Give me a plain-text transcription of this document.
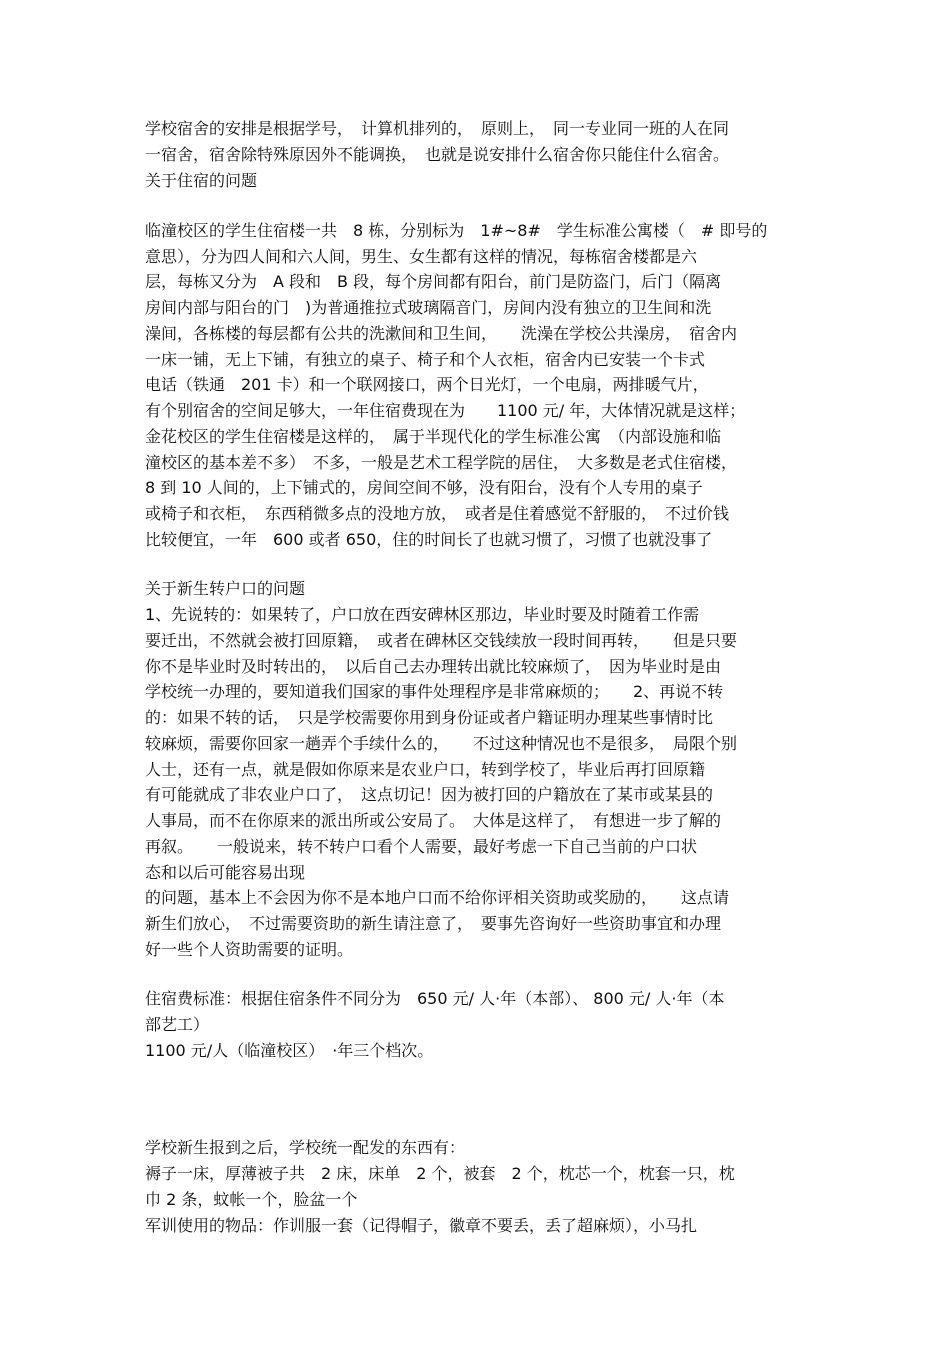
学校宿舍的安排是根据学号，　计算机排列的，　原则上，　同一专业同一班的人在同
一宿舍，宿舍除特殊原因外不能调换，　也就是说安排什么宿舍你只能住什么宿舍。
关于住宿的问题
临潼校区的学生住宿楼一共　8 栋，分别标为　1#~8#　学生标准公寓楼（　# 即号的
意思），分为四人间和六人间，男生、女生都有这样的情况，每栋宿舍楼都是六
层，每栋又分为　A 段和　B 段，每个房间都有阳台，前门是防盗门，后门（隔离
房间内部与阳台的门　)为普通推拉式玻璃隔音门，房间内没有独立的卫生间和洗
澡间，各栋楼的每层都有公共的洗漱间和卫生间，　　洗澡在学校公共澡房，　宿舍内
一床一铺，无上下铺，有独立的桌子、椅子和个人衣柜，宿舍内已安装一个卡式
电话（铁通　201 卡）和一个联网接口，两个日光灯，一个电扇，两排暖气片，
有个别宿舍的空间足够大，一年住宿费现在为　　1100 元/ 年，大体情况就是这样；
金花校区的学生住宿楼是这样的，　属于半现代化的学生标准公寓　（内部设施和临
潼校区的基本差不多）　不多，一般是艺术工程学院的居住，　大多数是老式住宿楼，
8 到 10 人间的，上下铺式的，房间空间不够，没有阳台，没有个人专用的桌子
或椅子和衣柜，　东西稍微多点的没地方放，　或者是住着感觉不舒服的，　不过价钱
比较便宜，一年　600 或者 650，住的时间长了也就习惯了，习惯了也就没事了
关于新生转户口的问题
1、先说转的：如果转了，户口放在西安碑林区那边，毕业时要及时随着工作需
要迁出，不然就会被打回原籍，　或者在碑林区交钱续放一段时间再转，　　但是只要
你不是毕业时及时转出的，　以后自己去办理转出就比较麻烦了，　因为毕业时是由
学校统一办理的，要知道我们国家的事件处理程序是非常麻烦的；　　2、再说不转
的：如果不转的话，　只是学校需要你用到身份证或者户籍证明办理某些事情时比
较麻烦，需要你回家一趟弄个手续什么的，　　不过这种情况也不是很多，　局限个别
人士，还有一点，就是假如你原来是农业户口，转到学校了，毕业后再打回原籍
有可能就成了非农业户口了，　这点切记！因为被打回的户籍放在了某市或某县的
人事局，而不在你原来的派出所或公安局了。　大体是这样了，　有想进一步了解的
再叙。　　一般说来，转不转户口看个人需要，最好考虑一下自己当前的户口状
态和以后可能容易出现
的问题，基本上不会因为你不是本地户口而不给你评相关资助或奖励的，　　这点请
新生们放心，　不过需要资助的新生请注意了，　要事先咨询好一些资助事宜和办理
好一些个人资助需要的证明。
住宿费标准：根据住宿条件不同分为　650 元/ 人·年（本部）、 800 元/ 人·年（本
部艺工）
1100 元/人（临潼校区）　·年三个档次。
学校新生报到之后，学校统一配发的东西有：
褥子一床，厚薄被子共　2 床，床单　2 个，被套　2 个，枕芯一个，枕套一只，枕
巾 2 条，蚊帐一个，脸盆一个
军训使用的物品：作训服一套（记得帽子，徽章不要丢，丢了超麻烦），小马扎
